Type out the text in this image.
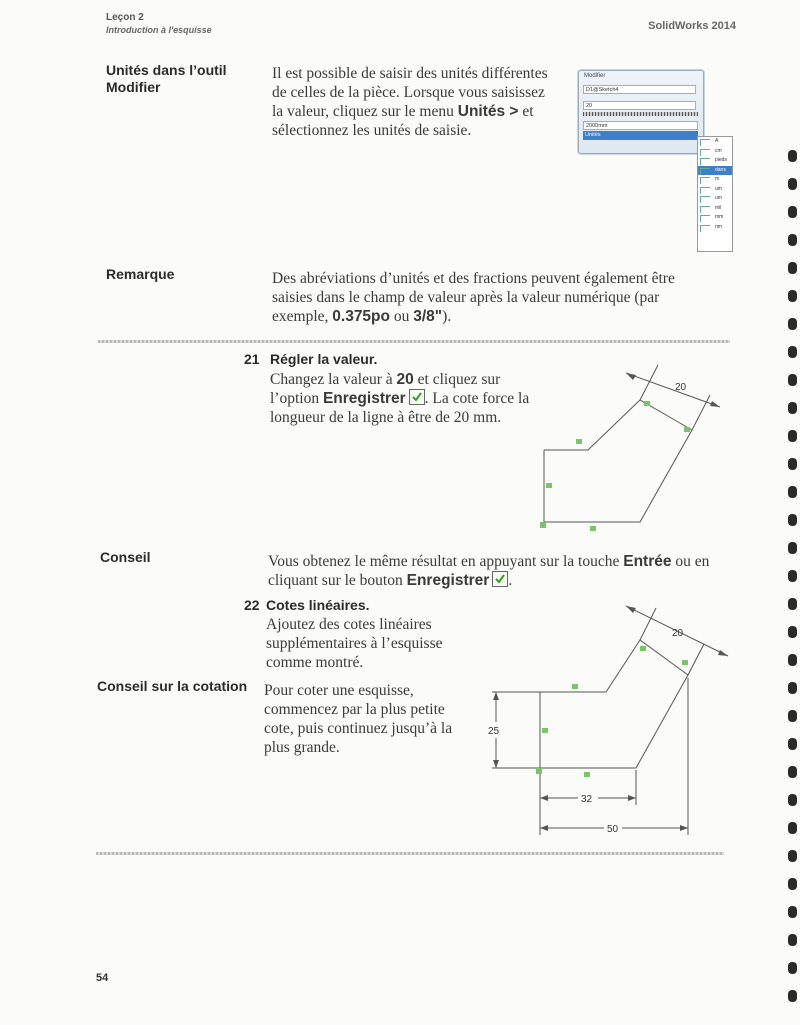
Leçon 2
Introduction à l'esquisse	SolidWorks 2014
Unités dans l’outil
Modifier
Il est possible de saisir des unités différentes
de celles de la pièce. Lorsque vous saisissez
la valeur, cliquez sur le menu Unités > et
sélectionnez les unités de saisie.
Modifier
D1@Sketch4
20
2000mm
Unités
A
cm
pieds
dans
m
um
um
mil
mm
nm
Remarque	Des abréviations d’unités et des fractions peuvent également être
saisies dans le champ de valeur après la valeur numérique (par
exemple, 0.375po ou 3/8").
21 Régler la valeur.
Changez la valeur à 20 et cliquez sur
l’option Enregistrer . La cote force la
longueur de la ligne à être de 20 mm.
20
Conseil	Vous obtenez le même résultat en appuyant sur la touche Entrée ou en
cliquant sur le bouton Enregistrer .
22 Cotes linéaires.
Ajoutez des cotes linéaires
supplémentaires à l’esquisse
comme montré.
Conseil sur la cotation Pour coter une esquisse,
commencez par la plus petite
cote, puis continuez jusqu’à la
plus grande.
20
25
32
50
54
